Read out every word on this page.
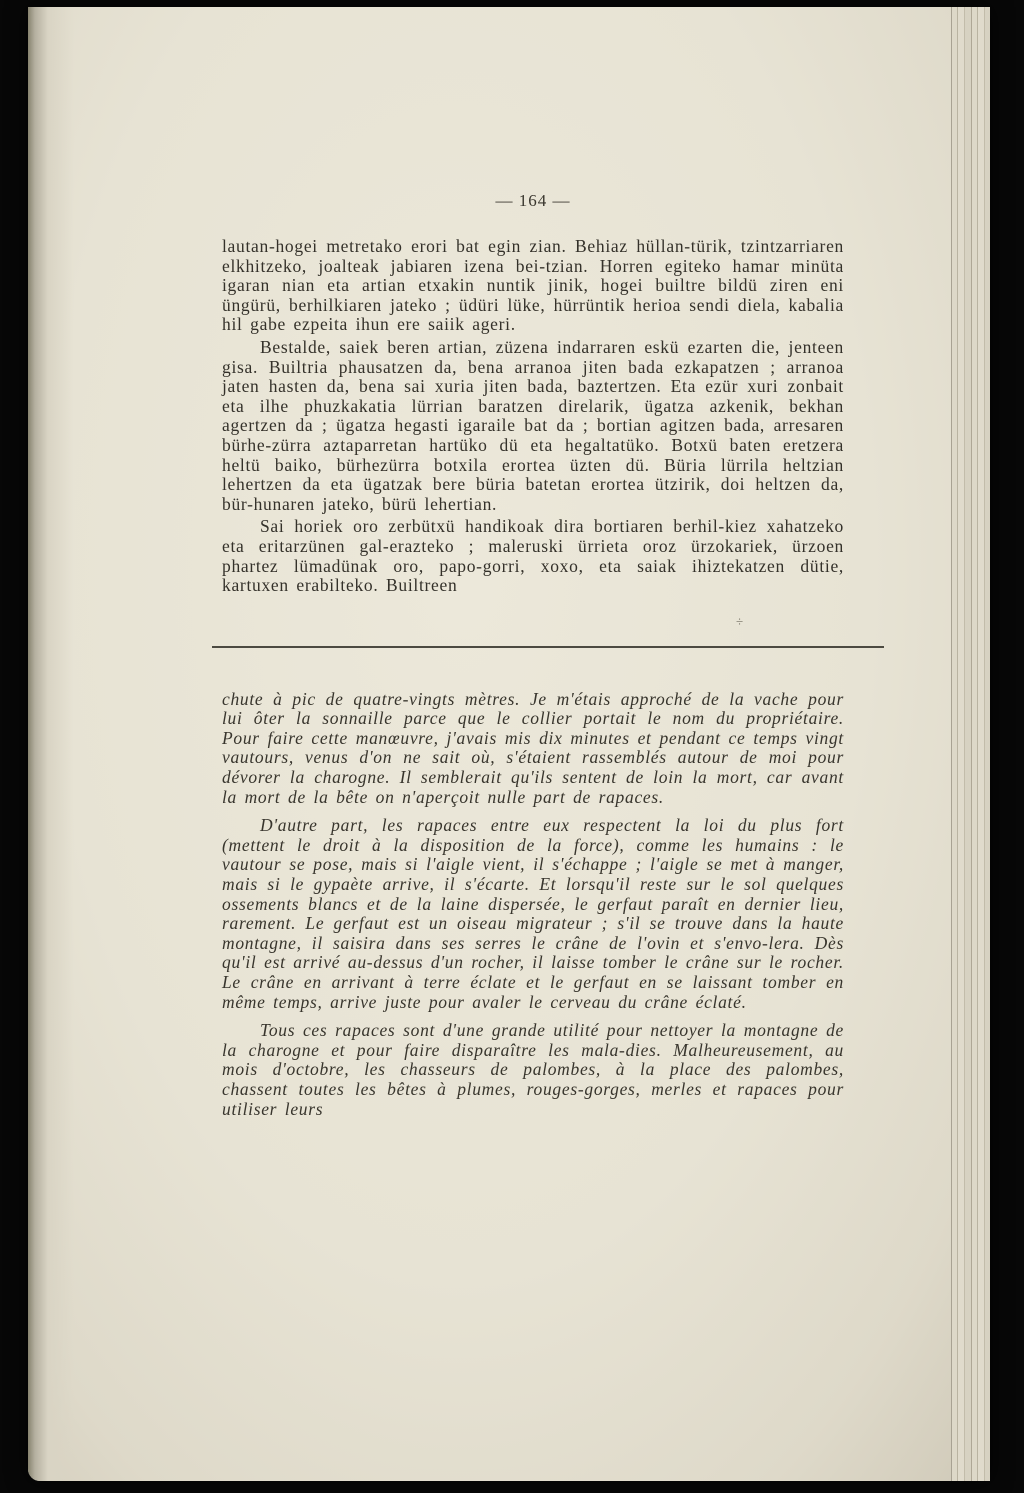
— 164 —

lautan-hogei metretako erori bat egin zian. Behiaz hüllan-türik, tzintzarriaren elkhitzeko, joalteak jabiaren izena bei-tzian. Horren egiteko hamar minüta igaran nian eta artian etxakin nuntik jinik, hogei builtre bildü ziren eni üngürü, berhilkiaren jateko ; üdüri lüke, hürrüntik herioa sendi diela, kabalia hil gabe ezpeita ihun ere saiik ageri.

Bestalde, saiek beren artian, züzena indarraren eskü ezarten die, jenteen gisa. Builtria phausatzen da, bena arranoa jiten bada ezkapatzen ; arranoa jaten hasten da, bena sai xuria jiten bada, baztertzen. Eta ezür xuri zonbait eta ilhe phuzkakatia lürrian baratzen direlarik, ügatza azkenik, bekhan agertzen da ; ügatza hegasti igaraile bat da ; bortian agitzen bada, arresaren bürhe-zürra aztaparretan hartüko dü eta hegaltatüko. Botxü baten eretzera heltü baiko, bürhezürra botxila erortea üzten dü. Büria lürrila heltzian lehertzen da eta ügatzak bere büria batetan erortea ützirik, doi heltzen da, bür-hunaren jateko, bürü lehertian.

Sai horiek oro zerbütxü handikoak dira bortiaren berhil-kiez xahatzeko eta eritarzünen gal-erazteko ; maleruski ürrieta oroz ürzokariek, ürzoen phartez lümadünak oro, papo-gorri, xoxo, eta saiak ihiztekatzen dütie, kartuxen erabilteko. Builtreen

÷

chute à pic de quatre-vingts mètres. Je m'étais approché de la vache pour lui ôter la sonnaille parce que le collier portait le nom du propriétaire. Pour faire cette manœuvre, j'avais mis dix minutes et pendant ce temps vingt vautours, venus d'on ne sait où, s'étaient rassemblés autour de moi pour dévorer la charogne. Il semblerait qu'ils sentent de loin la mort, car avant la mort de la bête on n'aperçoit nulle part de rapaces.

D'autre part, les rapaces entre eux respectent la loi du plus fort (mettent le droit à la disposition de la force), comme les humains : le vautour se pose, mais si l'aigle vient, il s'échappe ; l'aigle se met à manger, mais si le gypaète arrive, il s'écarte. Et lorsqu'il reste sur le sol quelques ossements blancs et de la laine dispersée, le gerfaut paraît en dernier lieu, rarement. Le gerfaut est un oiseau migrateur ; s'il se trouve dans la haute montagne, il saisira dans ses serres le crâne de l'ovin et s'envo-lera. Dès qu'il est arrivé au-dessus d'un rocher, il laisse tomber le crâne sur le rocher. Le crâne en arrivant à terre éclate et le gerfaut en se laissant tomber en même temps, arrive juste pour avaler le cerveau du crâne éclaté.

Tous ces rapaces sont d'une grande utilité pour nettoyer la montagne de la charogne et pour faire disparaître les mala-dies. Malheureusement, au mois d'octobre, les chasseurs de palombes, à la place des palombes, chassent toutes les bêtes à plumes, rouges-gorges, merles et rapaces pour utiliser leurs
